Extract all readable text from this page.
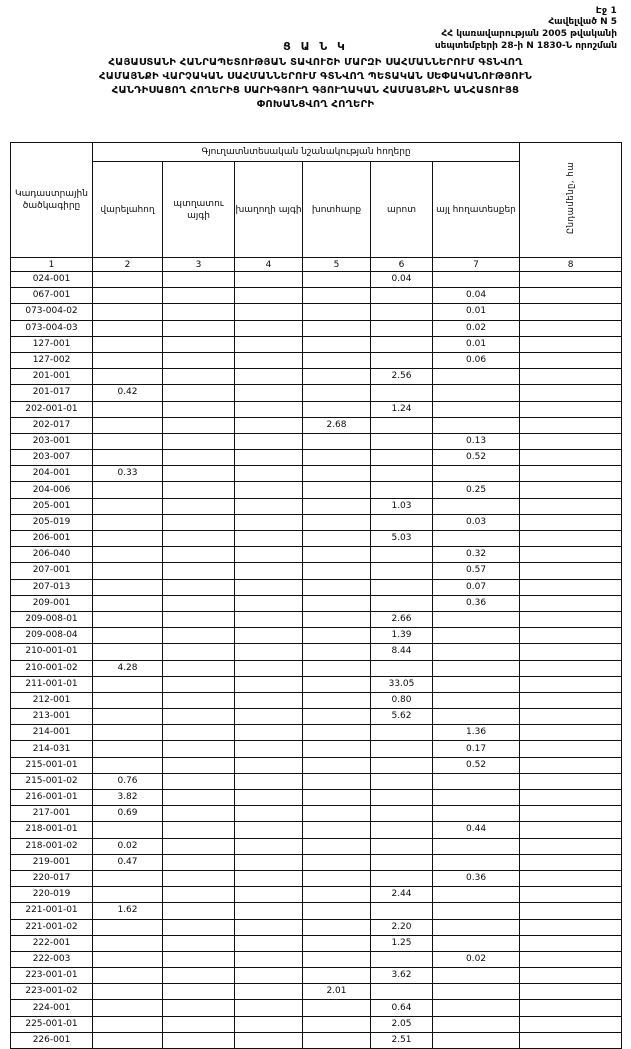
Էջ 1
Հավելված N 5
ՀՀ կառավարության 2005 թվականի
սեպտեմբերի 28-ի N 1830-Ն որոշման
Ց Ա Ն Կ
ՀԱՅԱՍՏԱՆԻ ՀԱՆՐԱՊԵՏՈՒԹՅԱՆ ՏԱՎՈՒՇԻ ՄԱՐԶԻ ՍԱՀՄԱՆՆԵՐՈՒՄ ԳՏՆՎՈՂ
ՀԱՄԱՅՆՔԻ ՎԱՐՉԱԿԱՆ ՍԱՀՄԱՆՆԵՐՈՒՄ ԳՏՆՎՈՂ ՊԵՏԱԿԱՆ ՍԵՓԱԿԱՆՈՒԹՅՈՒՆ
ՀԱՆԴԻՍԱՑՈՂ ՀՈՂԵՐԻՑ ՍԱՐԻԳՅՈՒՂ ԳՅՈՒՂԱԿԱՆ ՀԱՄԱՅՆՔԻՆ ԱՆՀԱՏՈՒՅՑ
ՓՈԽԱՆՑՎՈՂ ՀՈՂԵՐԻ
Կադաստրային ծածկագիրը	Գյուղատնտեսական նշանակության հողերը						Ընդամենը, հա
	վարելահող	պտղատու այգի	խաղողի այգի	խոտհարք	արոտ	այլ հողատեսքեր	
1	2	3	4	5	6	7	8
024-001					0.04		
067-001						0.04	
073-004-02						0.01	
073-004-03						0.02	
127-001						0.01	
127-002						0.06	
201-001					2.56		
201-017	0.42						
202-001-01					1.24		
202-017				2.68			
203-001						0.13	
203-007						0.52	
204-001	0.33						
204-006						0.25	
205-001					1.03		
205-019						0.03	
206-001					5.03		
206-040						0.32	
207-001						0.57	
207-013						0.07	
209-001						0.36	
209-008-01					2.66		
209-008-04					1.39		
210-001-01					8.44		
210-001-02	4.28						
211-001-01					33.05		
212-001					0.80		
213-001					5.62		
214-001						1.36	
214-031						0.17	
215-001-01						0.52	
215-001-02	0.76						
216-001-01	3.82						
217-001	0.69						
218-001-01						0.44	
218-001-02	0.02						
219-001	0.47						
220-017						0.36	
220-019					2.44		
221-001-01	1.62						
221-001-02					2.20		
222-001					1.25		
222-003						0.02	
223-001-01					3.62		
223-001-02				2.01			
224-001					0.64		
225-001-01					2.05		
226-001					2.51		
